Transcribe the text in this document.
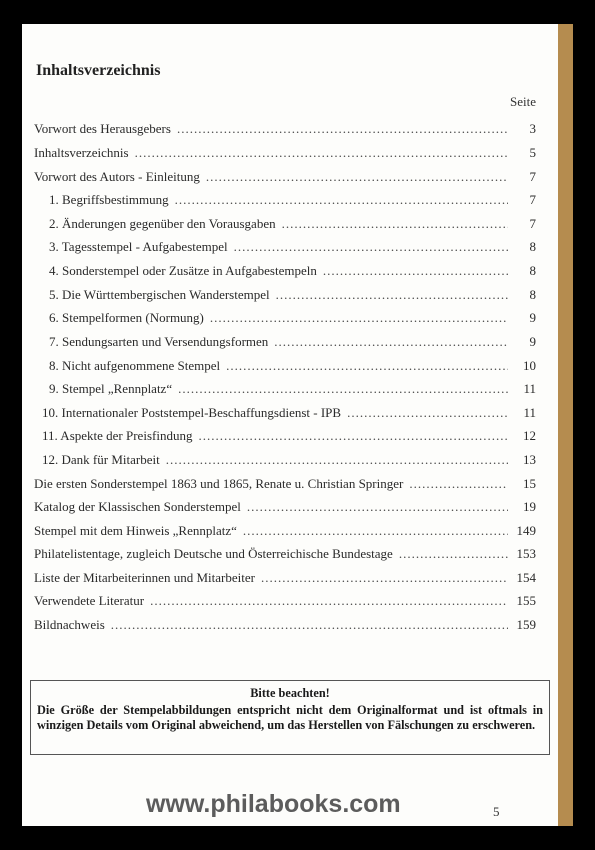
Inhaltsverzeichnis
Seite
Vorwort des Herausgebers .....	3
Inhaltsverzeichnis .....	5
Vorwort des Autors - Einleitung .....	7
1. Begriffsbestimmung .....	7
2. Änderungen gegenüber den Vorausgaben .....	7
3. Tagesstempel - Aufgabestempel .....	8
4. Sonderstempel oder Zusätze in Aufgabestempeln .....	8
5. Die Württembergischen Wanderstempel .....	8
6. Stempelformen (Normung) .....	9
7. Sendungsarten und Versendungsformen .....	9
8. Nicht aufgenommene Stempel .....	10
9. Stempel „Rennplatz“ .....	11
10. Internationaler Poststempel-Beschaffungsdienst - IPB .....	11
11. Aspekte der Preisfindung .....	12
12. Dank für Mitarbeit .....	13
Die ersten Sonderstempel 1863 und 1865, Renate u. Christian Springer .....	15
Katalog der Klassischen Sonderstempel .....	19
Stempel mit dem Hinweis „Rennplatz“ .....	149
Philatelistentage, zugleich Deutsche und Österreichische Bundestage .....	153
Liste der Mitarbeiterinnen und Mitarbeiter .....	154
Verwendete Literatur .....	155
Bildnachweis .....	159
Bitte beachten!
Die Größe der Stempelabbildungen entspricht nicht dem Originalformat und ist oftmals in winzigen Details vom Original abweichend, um das Herstellen von Fälschungen zu erschweren.
www.philabooks.com	5
